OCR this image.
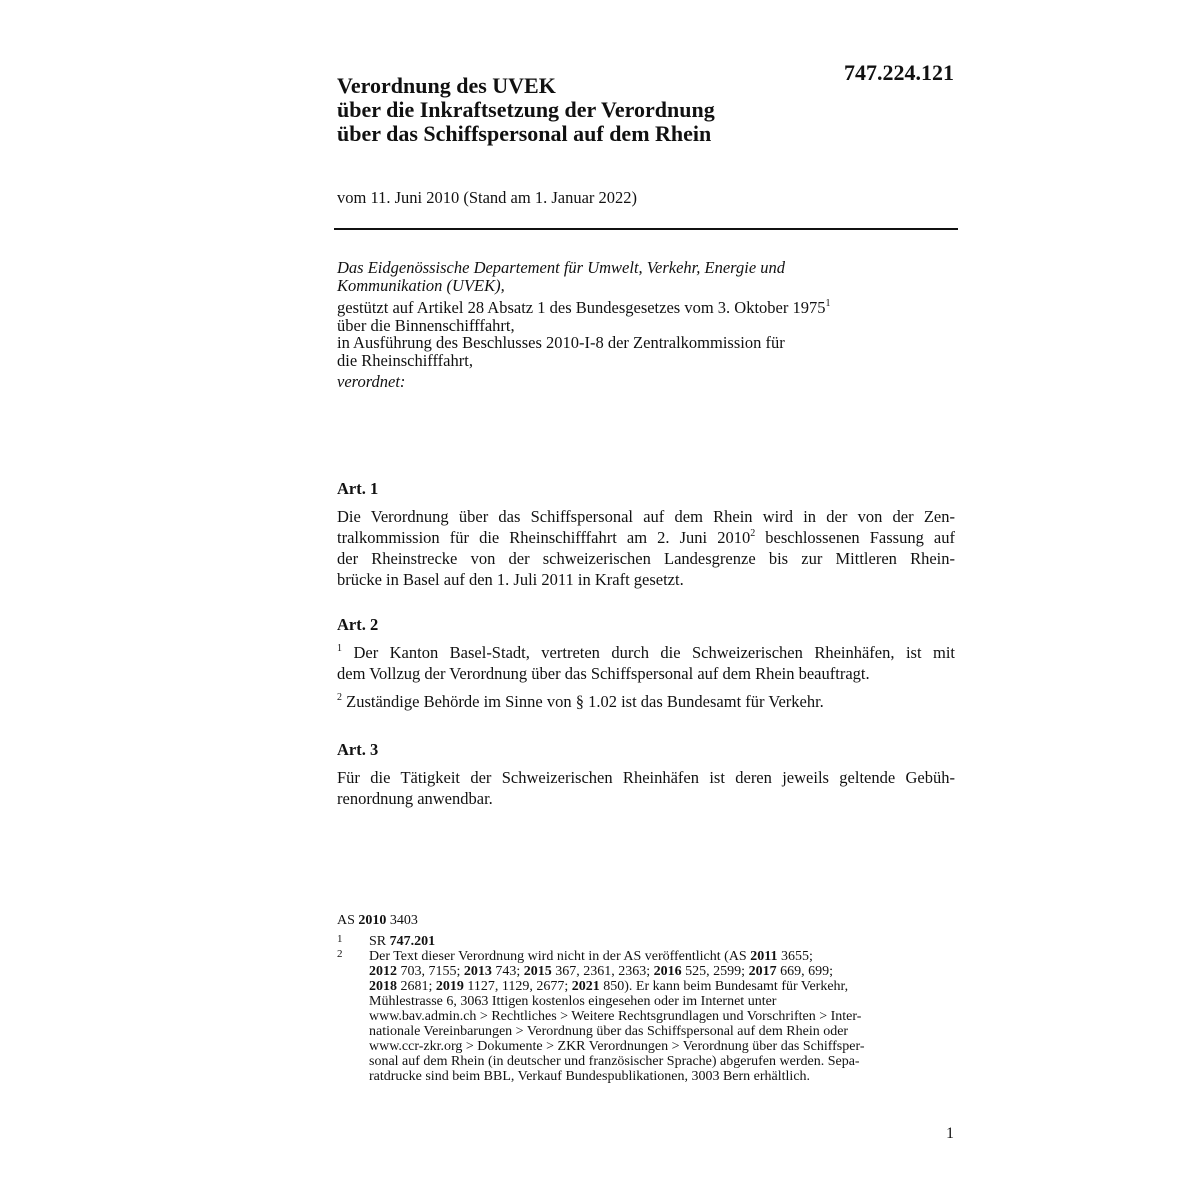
747.224.121
Verordnung des UVEK
über die Inkraftsetzung der Verordnung
über das Schiffspersonal auf dem Rhein
vom 11. Juni 2010 (Stand am 1. Januar 2022)
Das Eidgenössische Departement für Umwelt, Verkehr, Energie und
Kommunikation (UVEK),
gestützt auf Artikel 28 Absatz 1 des Bundesgesetzes vom 3. Oktober 1975$^1$
über die Binnenschifffahrt,
in Ausführung des Beschlusses 2010-I-8 der Zentralkommission für
die Rheinschifffahrt,
verordnet:
Art. 1
Die Verordnung über das Schiffspersonal auf dem Rhein wird in der von der Zen-
tralkommission für die Rheinschifffahrt am 2. Juni 2010$^2$ beschlossenen Fassung auf
der Rheinstrecke von der schweizerischen Landesgrenze bis zur Mittleren Rhein-
brücke in Basel auf den 1. Juli 2011 in Kraft gesetzt.
Art. 2
$^1$ Der Kanton Basel-Stadt, vertreten durch die Schweizerischen Rheinhäfen, ist mit
dem Vollzug der Verordnung über das Schiffspersonal auf dem Rhein beauftragt.
$^2$ Zuständige Behörde im Sinne von § 1.02 ist das Bundesamt für Verkehr.
Art. 3
Für die Tätigkeit der Schweizerischen Rheinhäfen ist deren jeweils geltende Gebüh-
renordnung anwendbar.
AS 2010 3403
1 SR 747.201
2 Der Text dieser Verordnung wird nicht in der AS veröffentlicht (AS 2011 3655;
2012 703, 7155; 2013 743; 2015 367, 2361, 2363; 2016 525, 2599; 2017 669, 699;
2018 2681; 2019 1127, 1129, 2677; 2021 850). Er kann beim Bundesamt für Verkehr,
Mühlestrasse 6, 3063 Ittigen kostenlos eingesehen oder im Internet unter
www.bav.admin.ch > Rechtliches > Weitere Rechtsgrundlagen und Vorschriften > Inter-
nationale Vereinbarungen > Verordnung über das Schiffspersonal auf dem Rhein oder
www.ccr-zkr.org > Dokumente > ZKR Verordnungen > Verordnung über das Schiffsper-
sonal auf dem Rhein (in deutscher und französischer Sprache) abgerufen werden. Sepa-
ratdrucke sind beim BBL, Verkauf Bundespublikationen, 3003 Bern erhältlich.
1
